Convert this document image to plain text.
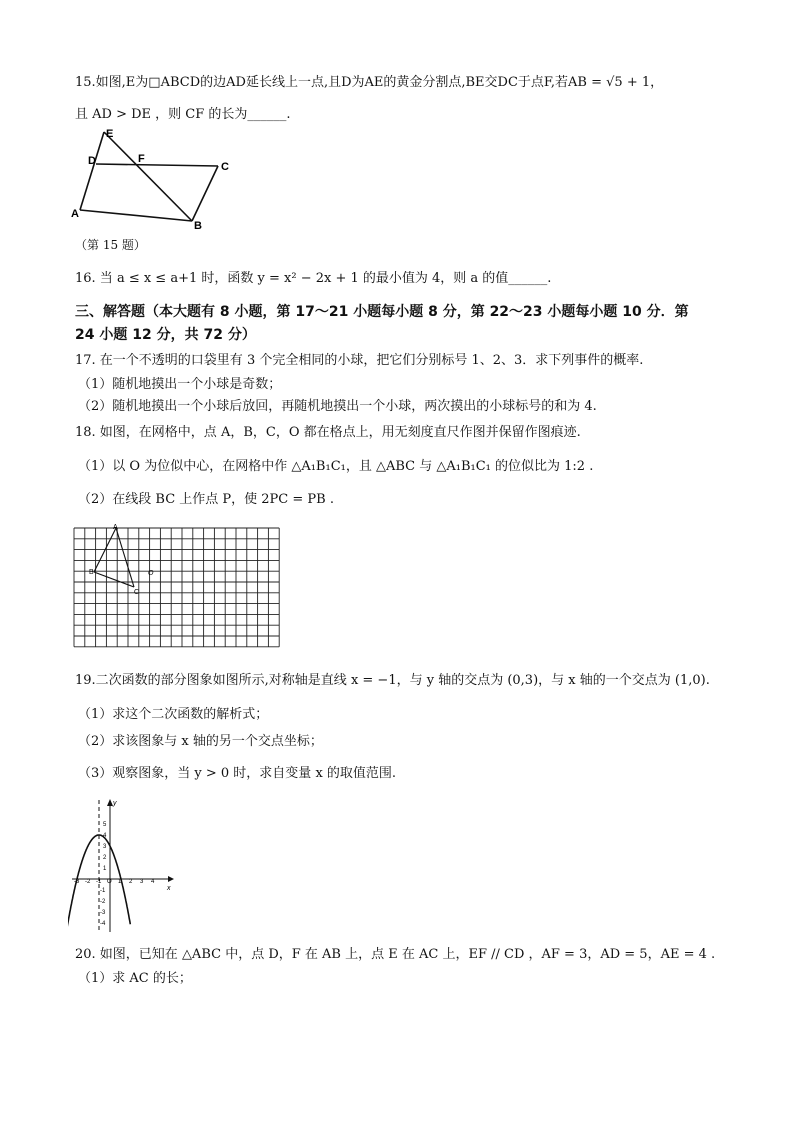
15.如图,E为□ABCD的边AD延长线上一点,且D为AE的黄金分割点,BE交DC于点F,若AB = √5 + 1，
且 AD > DE ，则 CF 的长为______.
E
D	F
C
A
B
（第 15 题）
16. 当 a ≤ x ≤ a+1 时，函数 y = x² − 2x + 1 的最小值为 4，则 a 的值______.
三、解答题（本大题有 8 小题，第 17～21 小题每小题 8 分，第 22～23 小题每小题 10 分．第
24 小题 12 分，共 72 分）
17. 在一个不透明的口袋里有 3 个完全相同的小球，把它们分别标号 1、2、3．求下列事件的概率.
（1）随机地摸出一个小球是奇数；
（2）随机地摸出一个小球后放回，再随机地摸出一个小球，两次摸出的小球标号的和为 4.
18. 如图，在网格中，点 A，B，C，O 都在格点上，用无刻度直尺作图并保留作图痕迹.
（1）以 O 为位似中心，在网格中作 △A₁B₁C₁，且 △ABC 与 △A₁B₁C₁ 的位似比为 1:2 .
（2）在线段 BC 上作点 P，使 2PC = PB .
A
B
C
O
19.二次函数的部分图象如图所示,对称轴是直线 x = −1，与 y 轴的交点为 (0,3)，与 x 轴的一个交点为 (1,0).
（1）求这个二次函数的解析式；
（2）求该图象与 x 轴的另一个交点坐标；
（3）观察图象，当 y > 0 时，求自变量 x 的取值范围.
-3 -2 -1 O 1 2 3 4
5
4
3
2
1
-1
-2
-3
-4
x
y
20. 如图，已知在 △ABC 中，点 D，F 在 AB 上，点 E 在 AC 上，EF // CD ，AF = 3，AD = 5，AE = 4 .
（1）求 AC 的长；
